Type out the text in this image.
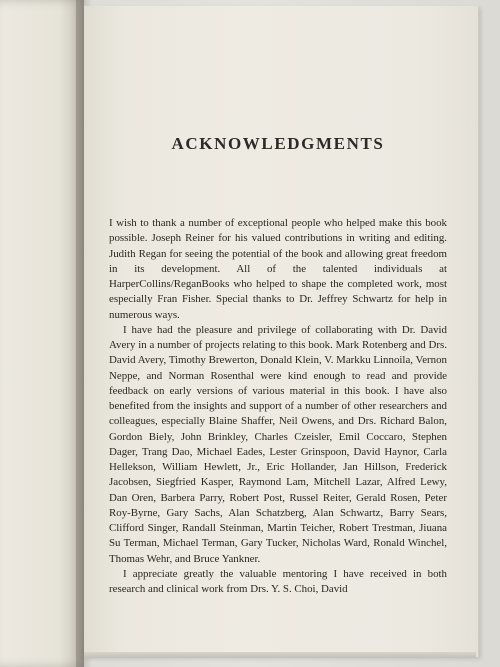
ACKNOWLEDGMENTS

I wish to thank a number of exceptional people who helped make this book possible. Joseph Reiner for his valued contributions in writing and editing. Judith Regan for seeing the potential of the book and allowing great freedom in its development. All of the talented individuals at HarperCollins/ReganBooks who helped to shape the completed work, most especially Fran Fisher. Special thanks to Dr. Jeffrey Schwartz for help in numerous ways.

I have had the pleasure and privilege of collaborating with Dr. David Avery in a number of projects relating to this book. Mark Rotenberg and Drs. David Avery, Timothy Brewerton, Donald Klein, V. Markku Linnoila, Vernon Neppe, and Norman Rosenthal were kind enough to read and provide feedback on early versions of various material in this book. I have also benefited from the insights and support of a number of other researchers and colleagues, especially Blaine Shaffer, Neil Owens, and Drs. Richard Balon, Gordon Biely, John Brinkley, Charles Czeisler, Emil Coccaro, Stephen Dager, Trang Dao, Michael Eades, Lester Grinspoon, David Haynor, Carla Hellekson, William Hewlett, Jr., Eric Hollander, Jan Hillson, Frederick Jacobsen, Siegfried Kasper, Raymond Lam, Mitchell Lazar, Alfred Lewy, Dan Oren, Barbera Parry, Robert Post, Russel Reiter, Gerald Rosen, Peter Roy-Byrne, Gary Sachs, Alan Schatzberg, Alan Schwartz, Barry Sears, Clifford Singer, Randall Steinman, Martin Teicher, Robert Trestman, Jiuana Su Terman, Michael Terman, Gary Tucker, Nicholas Ward, Ronald Winchel, Thomas Wehr, and Bruce Yankner.

I appreciate greatly the valuable mentoring I have received in both research and clinical work from Drs. Y. S. Choi, David
